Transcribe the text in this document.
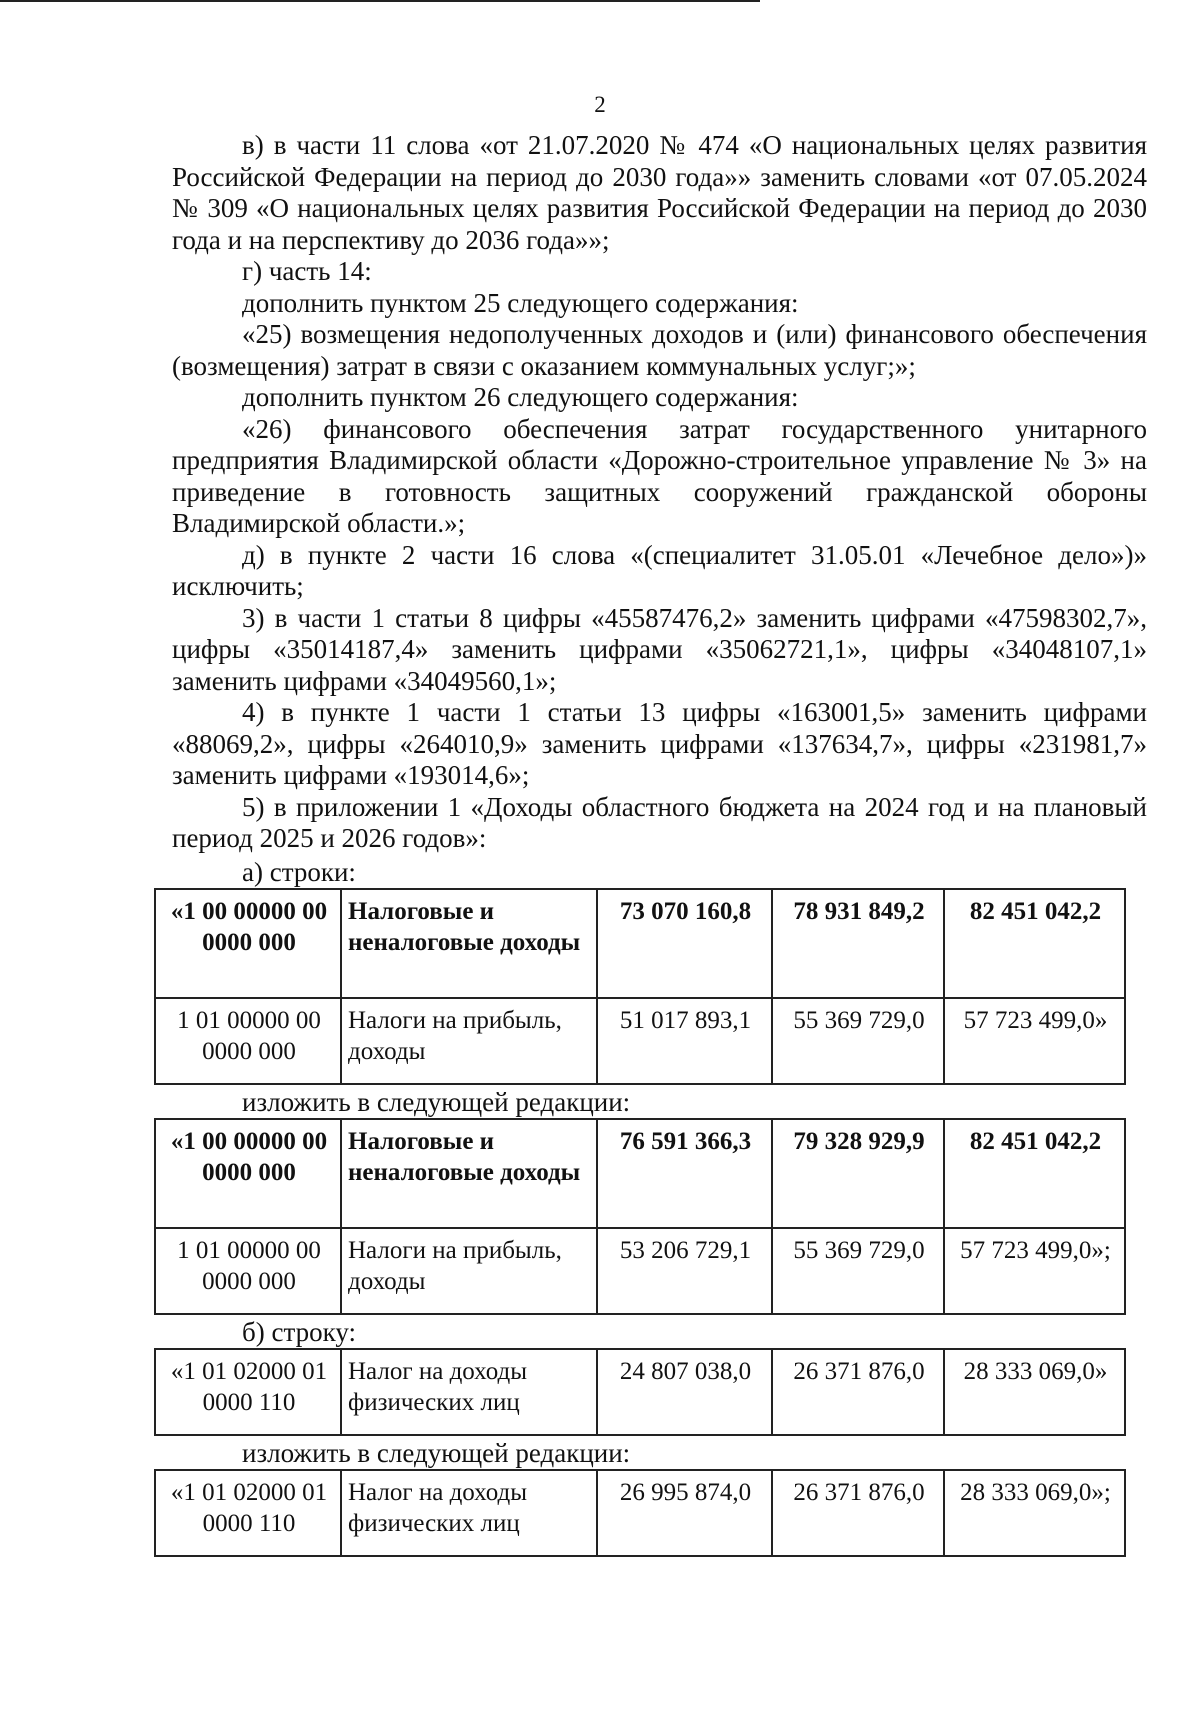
2

в) в части 11 слова «от 21.07.2020 № 474 «О национальных целях развития Российской Федерации на период до 2030 года»» заменить словами «от 07.05.2024 № 309 «О национальных целях развития Российской Федерации на период до 2030 года и на перспективу до 2036 года»»;

г) часть 14:

дополнить пунктом 25 следующего содержания:

«25) возмещения недополученных доходов и (или) финансового обеспечения (возмещения) затрат в связи с оказанием коммунальных услуг;»;

дополнить пунктом 26 следующего содержания:

«26) финансового обеспечения затрат государственного унитарного предприятия Владимирской области «Дорожно-строительное управление № 3» на приведение в готовность защитных сооружений гражданской обороны Владимирской области.»;

д) в пункте 2 части 16 слова «(специалитет 31.05.01 «Лечебное дело»)» исключить;

3) в части 1 статьи 8 цифры «45587476,2» заменить цифрами «47598302,7», цифры «35014187,4» заменить цифрами «35062721,1», цифры «34048107,1» заменить цифрами «34049560,1»;

4) в пункте 1 части 1 статьи 13 цифры «163001,5» заменить цифрами «88069,2», цифры «264010,9» заменить цифрами «137634,7», цифры «231981,7» заменить цифрами «193014,6»;

5) в приложении 1 «Доходы областного бюджета на 2024 год и на плановый период 2025 и 2026 годов»:

а) строки:

«1 00 00000 00 0000 000	Налоговые и неналоговые доходы	73 070 160,8	78 931 849,2	82 451 042,2
1 01 00000 00 0000 000	Налоги на прибыль, доходы	51 017 893,1	55 369 729,0	57 723 499,0»

изложить в следующей редакции:

«1 00 00000 00 0000 000	Налоговые и неналоговые доходы	76 591 366,3	79 328 929,9	82 451 042,2
1 01 00000 00 0000 000	Налоги на прибыль, доходы	53 206 729,1	55 369 729,0	57 723 499,0»;

б) строку:

«1 01 02000 01 0000 110	Налог на доходы физических лиц	24 807 038,0	26 371 876,0	28 333 069,0»

изложить в следующей редакции:

«1 01 02000 01 0000 110	Налог на доходы физических лиц	26 995 874,0	26 371 876,0	28 333 069,0»;
